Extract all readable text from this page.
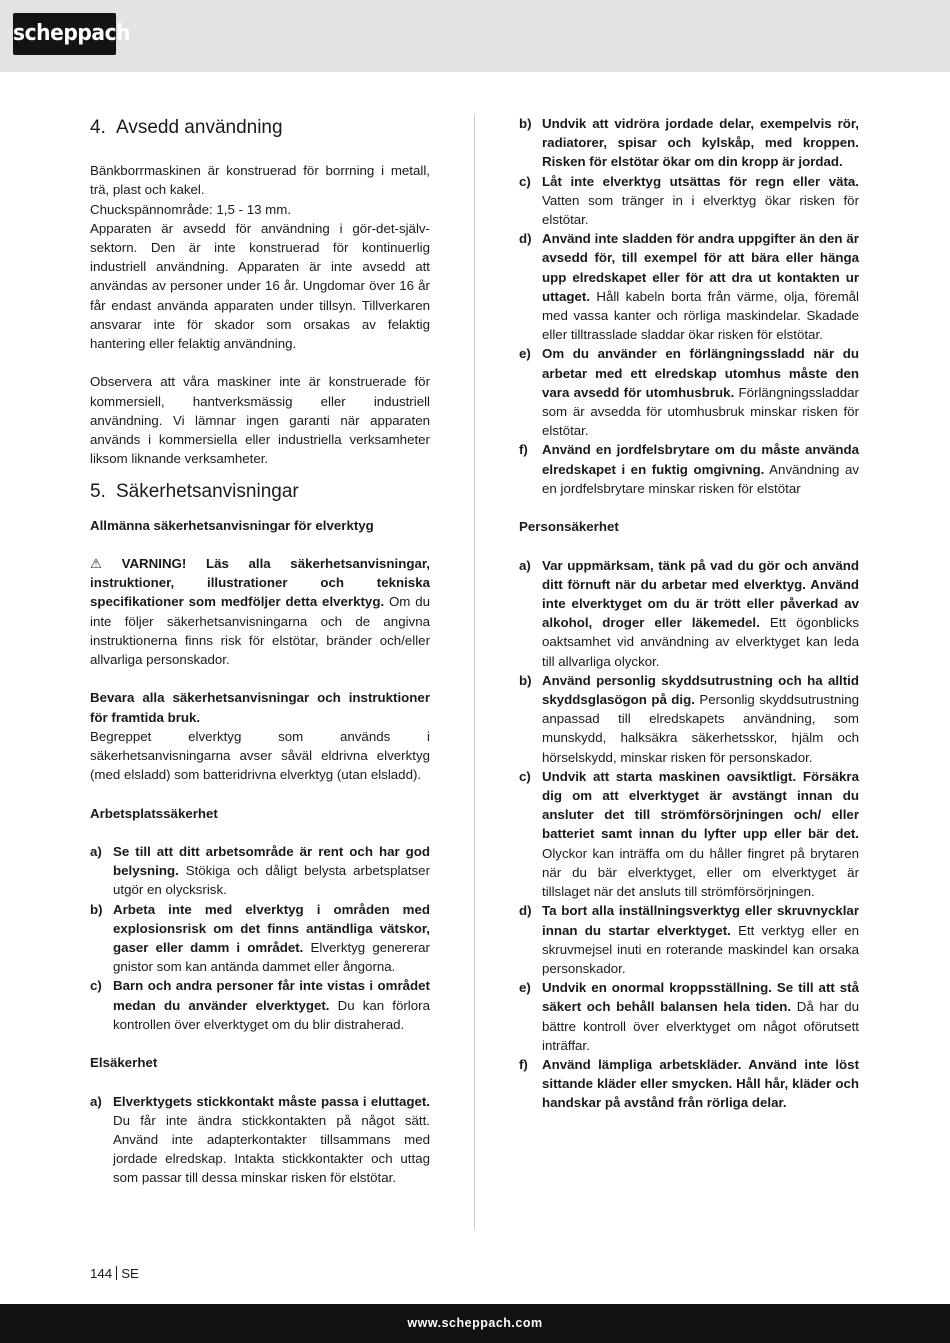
scheppach
4. Avsedd användning

Bänkborrmaskinen är konstruerad för borrning i metall, trä, plast och kakel.

Chuckspännområde: 1,5 - 13 mm.

Apparaten är avsedd för användning i gör-det-själv-sektorn. Den är inte konstruerad för kontinuerlig industriell användning. Apparaten är inte avsedd att användas av personer under 16 år. Ungdomar över 16 år får endast använda apparaten under tillsyn. Tillverkaren ansvarar inte för skador som orsakas av felaktig hantering eller felaktig användning.

Observera att våra maskiner inte är konstruerade för kommersiell, hantverksmässig eller industriell användning. Vi lämnar ingen garanti när apparaten används i kommersiella eller industriella verksamheter liksom liknande verksamheter.

5. Säkerhetsanvisningar

Allmänna säkerhetsanvisningar för elverktyg

⚠ VARNING! Läs alla säkerhetsanvisningar, instruktioner, illustrationer och tekniska specifikationer som medföljer detta elverktyg. Om du inte följer säkerhetsanvisningarna och de angivna instruktionerna finns risk för elstötar, bränder och/eller allvarliga personskador.

Bevara alla säkerhetsanvisningar och instruktioner för framtida bruk.

Begreppet elverktyg som används i säkerhetsanvisningarna avser såväl eldrivna elverktyg (med elsladd) som batteridrivna elverktyg (utan elsladd).

Arbetsplatssäkerhet

a) Se till att ditt arbetsområde är rent och har god belysning. Stökiga och dåligt belysta arbetsplatser utgör en olycksrisk.
b) Arbeta inte med elverktyg i områden med explosionsrisk om det finns antändliga vätskor, gaser eller damm i området. Elverktyg genererar gnistor som kan antända dammet eller ångorna.
c) Barn och andra personer får inte vistas i området medan du använder elverktyget. Du kan förlora kontrollen över elverktyget om du blir distraherad.

Elsäkerhet

a) Elverktygets stickkontakt måste passa i eluttaget. Du får inte ändra stickkontakten på något sätt. Använd inte adapterkontakter tillsammans med jordade elredskap. Intakta stickkontakter och uttag som passar till dessa minskar risken för elstötar.
b) Undvik att vidröra jordade delar, exempelvis rör, radiatorer, spisar och kylskåp, med kroppen. Risken för elstötar ökar om din kropp är jordad.
c) Låt inte elverktyg utsättas för regn eller väta. Vatten som tränger in i elverktyg ökar risken för elstötar.
d) Använd inte sladden för andra uppgifter än den är avsedd för, till exempel för att bära eller hänga upp elredskapet eller för att dra ut kontakten ur uttaget. Håll kabeln borta från värme, olja, föremål med vassa kanter och rörliga maskindelar. Skadade eller tilltrasslade sladdar ökar risken för elstötar.
e) Om du använder en förlängningssladd när du arbetar med ett elredskap utomhus måste den vara avsedd för utomhusbruk. Förlängningssladdar som är avsedda för utomhusbruk minskar risken för elstötar.
f)	Använd en jordfelsbrytare om du måste använda elredskapet i en fuktig omgivning. Användning av en jordfelsbrytare minskar risken för elstötar

Personsäkerhet

a) Var uppmärksam, tänk på vad du gör och använd ditt förnuft när du arbetar med elverktyg. Använd inte elverktyget om du är trött eller påverkad av alkohol, droger eller läkemedel. Ett ögonblicks oaktsamhet vid användning av elverktyget kan leda till allvarliga olyckor.
b) Använd personlig skyddsutrustning och ha alltid skyddsglasögon på dig. Personlig skyddsutrustning anpassad till elredskapets användning, som munskydd, halksäkra säkerhetsskor, hjälm och hörselskydd, minskar risken för personskador.
c) Undvik att starta maskinen oavsiktligt. Försäkra dig om att elverktyget är avstängt innan du ansluter det till strömförsörjningen och/ eller batteriet samt innan du lyfter upp eller bär det. Olyckor kan inträffa om du håller fingret på brytaren när du bär elverktyget, eller om elverktyget är tillslaget när det ansluts till strömförsörjningen.
d) Ta bort alla inställningsverktyg eller skruvnycklar innan du startar elverktyget. Ett verktyg eller en skruvmejsel inuti en roterande maskindel kan orsaka personskador.
e) Undvik en onormal kroppsställning. Se till att stå säkert och behåll balansen hela tiden. Då har du bättre kontroll över elverktyget om något oförutsett inträffar.
f)	Använd lämpliga arbetskläder. Använd inte löst sittande kläder eller smycken. Håll hår, kläder och handskar på avstånd från rörliga delar.
144 SE
www.scheppach.com
